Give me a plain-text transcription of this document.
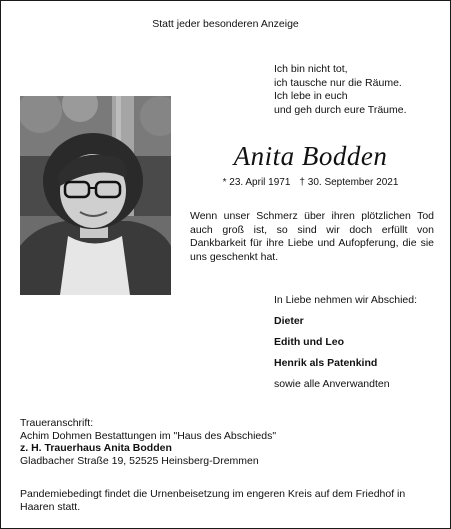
Statt jeder besonderen Anzeige
Ich bin nicht tot,
ich tausche nur die Räume.
Ich lebe in euch
und geh durch eure Träume.
Anita Bodden
* 23. April 1971 † 30. September 2021
Wenn unser Schmerz über ihren plötzlichen Tod auch groß ist, so sind wir doch erfüllt von Dankbarkeit für ihre Liebe und Aufopferung, die sie uns geschenkt hat.
In Liebe nehmen wir Abschied:
Dieter
Edith und Leo
Henrik als Patenkind
sowie alle Anverwandten
Traueranschrift:
Achim Dohmen Bestattungen im "Haus des Abschieds"
z. H. Trauerhaus Anita Bodden
Gladbacher Straße 19, 52525 Heinsberg-Dremmen
Pandemiebedingt findet die Urnenbeisetzung im engeren Kreis auf dem Friedhof in Haaren statt.
